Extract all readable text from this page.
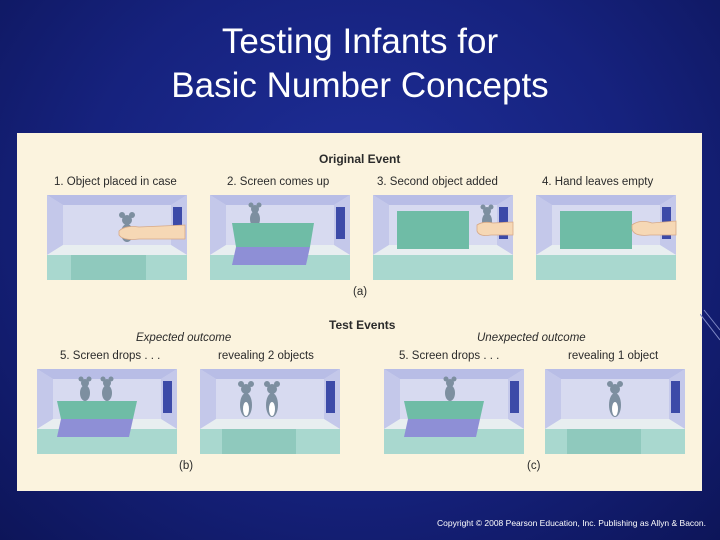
Testing Infants for
Basic Number Concepts
Original Event
1. Object placed in case	2. Screen comes up	3. Second object added	4. Hand leaves empty
(a)
Test Events
Expected outcome	Unexpected outcome
5. Screen drops . . .	revealing 2 objects	5. Screen drops . . .	revealing 1 object
(b)	(c)
Copyright © 2008 Pearson Education, Inc. Publishing as Allyn & Bacon.
